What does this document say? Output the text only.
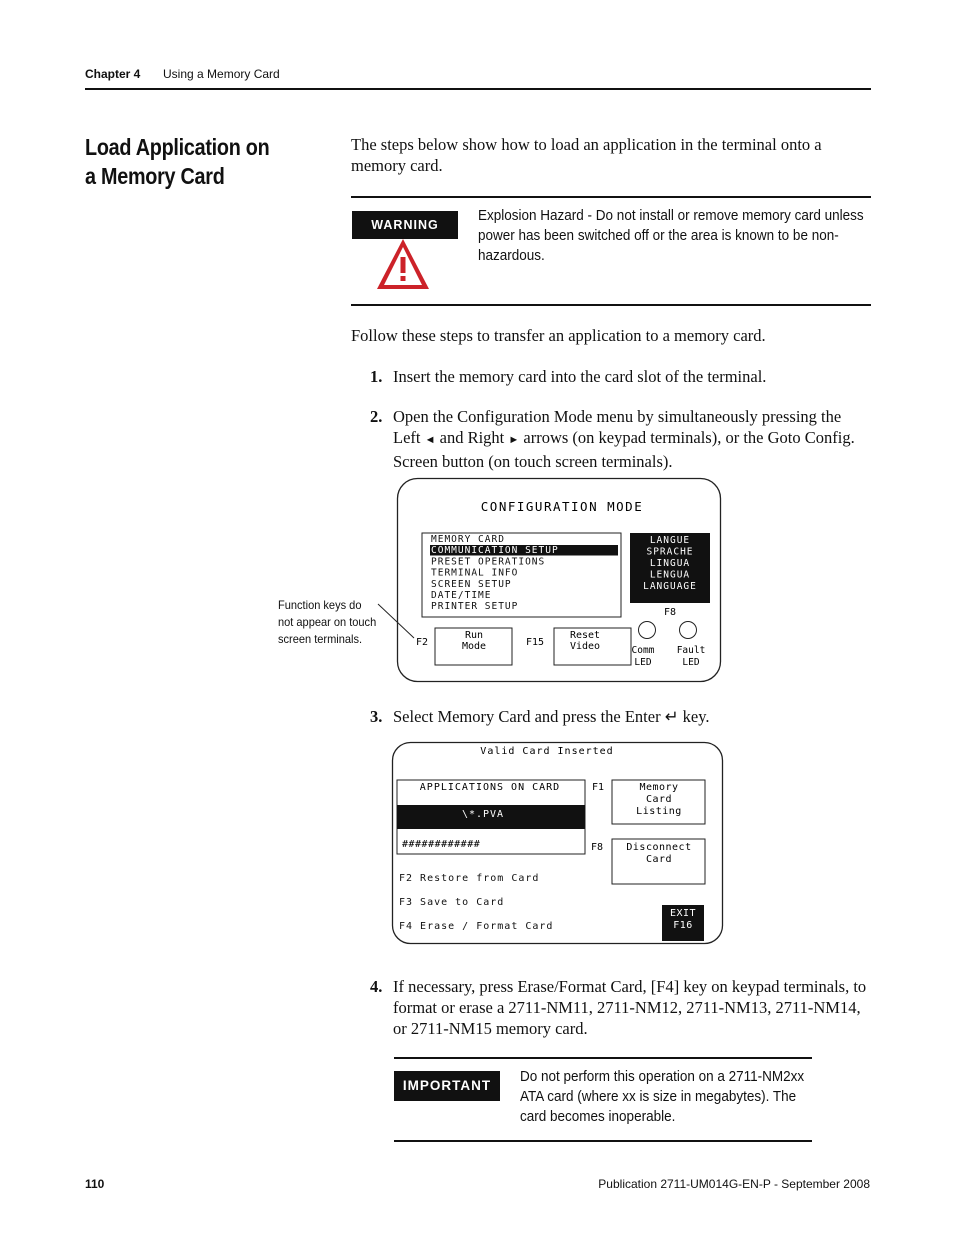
Chapter 4 Using a Memory Card
Load Application on a Memory Card
The steps below show how to load an application in the terminal onto a memory card.
WARNING
Explosion Hazard - Do not install or remove memory card unless power has been switched off or the area is known to be non-hazardous.
Follow these steps to transfer an application to a memory card.
1. Insert the memory card into the card slot of the terminal.
2. Open the Configuration Mode menu by simultaneously pressing the Left ◄ and Right ► arrows (on keypad terminals), or the Goto Config. Screen button (on touch screen terminals).
CONFIGURATION MODE
MEMORY CARD
COMMUNICATION SETUP
PRESET OPERATIONS
TERMINAL INFO
SCREEN SETUP
DATE/TIME
PRINTER SETUP
LANGUE
SPRACHE
LINGUA
LENGUA
LANGUAGE
F8
F2
Run
Mode	F15
Reset
Video	Comm
LED
Fault
LED
Function keys do not appear on touch screen terminals.
3. Select Memory Card and press the Enter ↵ key.
Valid Card Inserted
APPLICATIONS ON CARD
\*.PVA
############
F1	Memory
Card
Listing
F8 Disconnect
Card
F2 Restore from Card
F3 Save to Card
F4 Erase / Format Card
EXIT
F16
4. If necessary, press Erase/Format Card, [F4] key on keypad terminals, to format or erase a 2711-NM11, 2711-NM12, 2711-NM13, 2711-NM14, or 2711-NM15 memory card.
IMPORTANT
Do not perform this operation on a 2711-NM2xx ATA card (where xx is size in megabytes). The card becomes inoperable.
110	Publication 2711-UM014G-EN-P - September 2008
